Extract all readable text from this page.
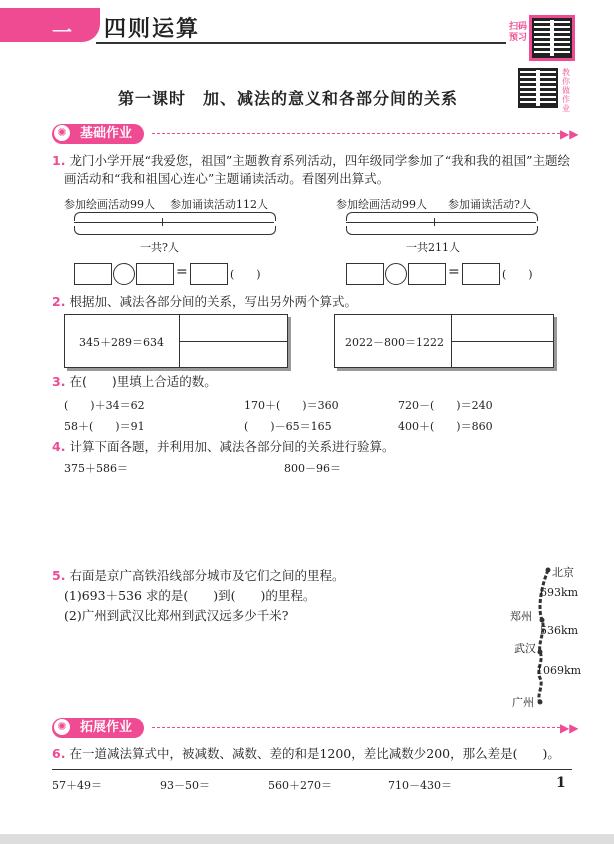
一 四则运算	扫码预习
教你做作业
第一课时　加、减法的意义和各部分间的关系
✺ 基础作业	▶▶
1. 龙门小学开展“我爱您，祖国”主题教育系列活动，四年级同学参加了“我和我的祖国”主题绘
画活动和“我和祖国心连心”主题诵读活动。看图列出算式。
参加绘画活动99人 参加诵读活动112人
一共?人
参加绘画活动99人 参加诵读活动?人
一共211人
=	(　　)	=	(　　)
2. 根据加、减法各部分间的关系，写出另外两个算式。
345＋289＝634	2022－800＝1222
3. 在(　　)里填上合适的数。
(　　)＋34＝62	170＋(　　)＝360	720－(　　)＝240
58＋(　　)＝91	(　　)－65＝165	400＋(　　)＝860
4. 计算下面各题，并利用加、减法各部分间的关系进行验算。
375＋586＝	800－96＝
5. 右面是京广高铁沿线部分城市及它们之间的里程。
(1)693＋536 求的是(　　)到(　　)的里程。
(2)广州到武汉比郑州到武汉远多少千米?
北京
郑州
武汉
广州
693km
536km
1069km
✺ 拓展作业	▶▶
6. 在一道减法算式中，被减数、减数、差的和是1200，差比减数少200，那么差是(　　)。
57＋49＝	93－50＝	560＋270＝	710－430＝	1
